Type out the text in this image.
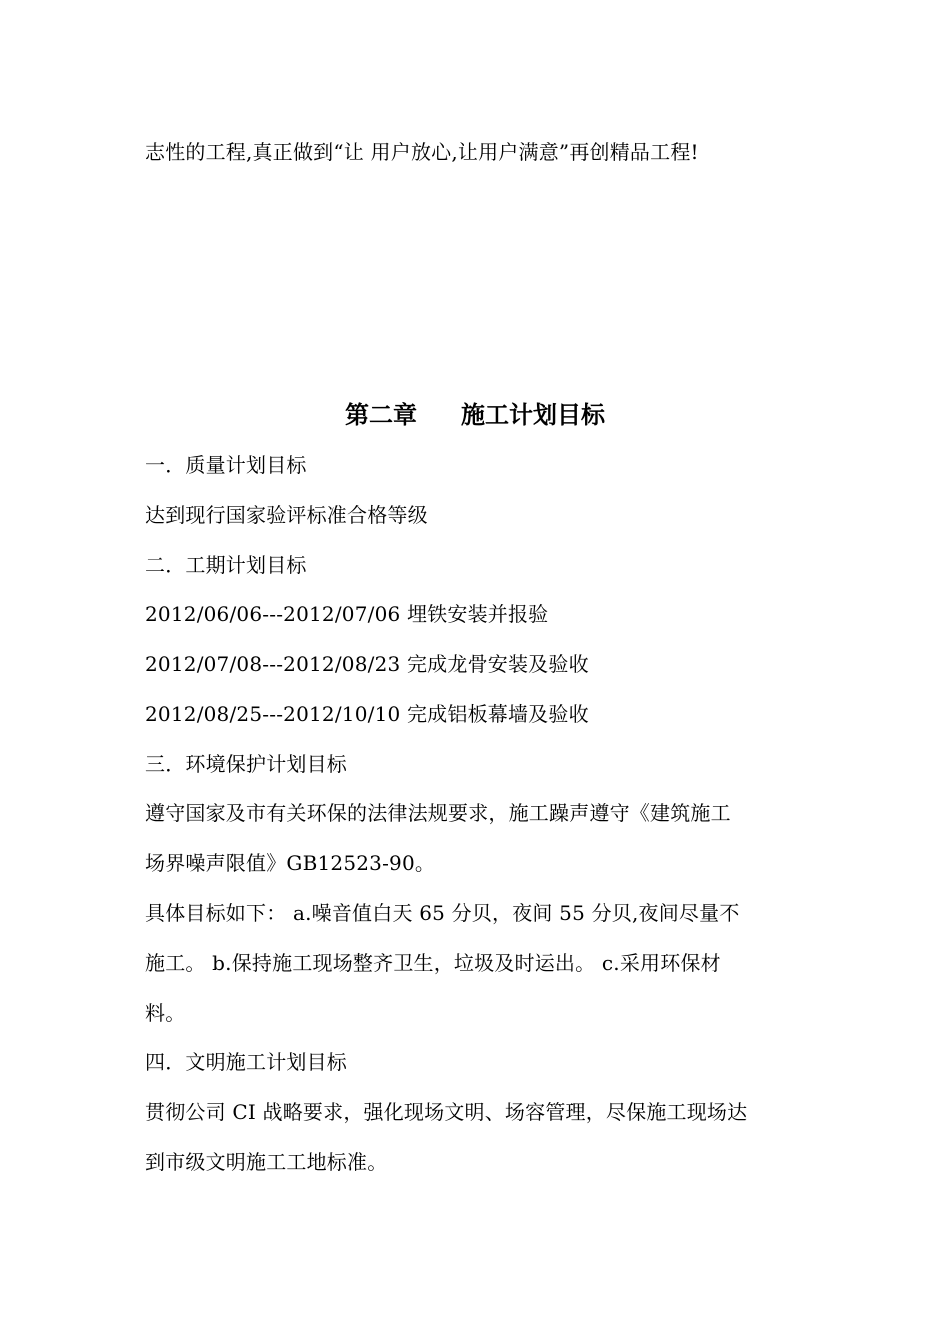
志性的工程,真正做到“让 用户放心,让用户满意”再创精品工程!
第二章 施工计划目标
一．质量计划目标
达到现行国家验评标准合格等级
二．工期计划目标
2012/06/06---2012/07/06 埋铁安装并报验
2012/07/08---2012/08/23 完成龙骨安装及验收
2012/08/25---2012/10/10 完成铝板幕墙及验收
三．环境保护计划目标
遵守国家及市有关环保的法律法规要求，施工躁声遵守《建筑施工
场界噪声限值》GB12523-90。
具体目标如下： a.噪音值白天 65 分贝，夜间 55 分贝,夜间尽量不
施工。 b.保持施工现场整齐卫生，垃圾及时运出。 c.采用环保材
料。
四．文明施工计划目标
贯彻公司 CI 战略要求，强化现场文明、场容管理，尽保施工现场达
到市级文明施工工地标准。
